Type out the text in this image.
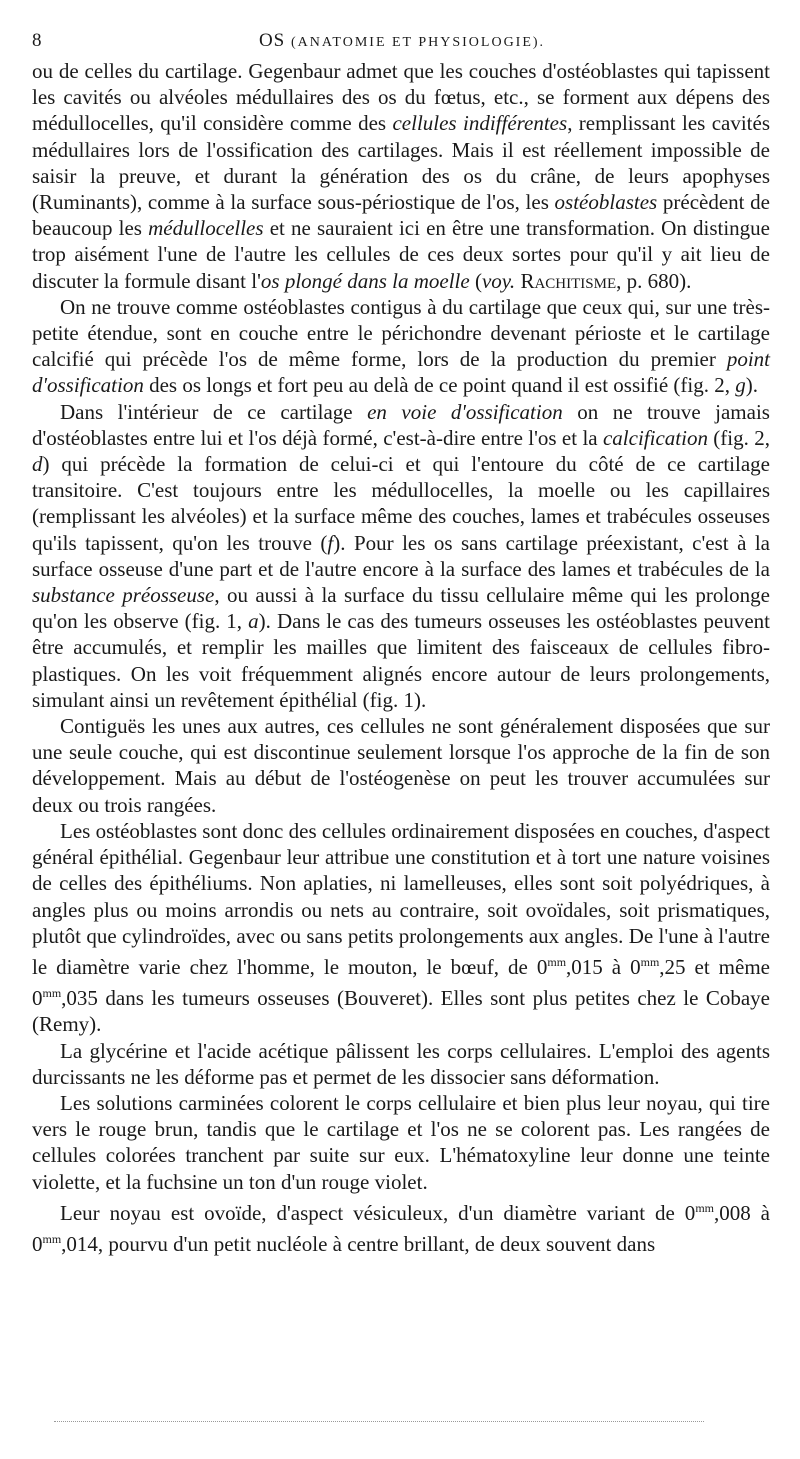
8	OS (ANATOMIE ET PHYSIOLOGIE).

ou de celles du cartilage. Gegenbaur admet que les couches d'ostéoblastes qui tapissent les cavités ou alvéoles médullaires des os du fœtus, etc., se forment aux dépens des médullocelles, qu'il considère comme des cellules indifférentes, remplissant les cavités médullaires lors de l'ossification des cartilages. Mais il est réellement impossible de saisir la preuve, et durant la génération des os du crâne, de leurs apophyses (Ruminants), comme à la surface sous-périostique de l'os, les ostéoblastes précèdent de beaucoup les médullocelles et ne sauraient ici en être une transformation. On distingue trop aisément l'une de l'autre les cellules de ces deux sortes pour qu'il y ait lieu de discuter la formule disant l'os plongé dans la moelle (voy. Rachitisme, p. 680).

On ne trouve comme ostéoblastes contigus à du cartilage que ceux qui, sur une très-petite étendue, sont en couche entre le périchondre devenant périoste et le cartilage calcifié qui précède l'os de même forme, lors de la production du premier point d'ossification des os longs et fort peu au delà de ce point quand il est ossifié (fig. 2, g).

Dans l'intérieur de ce cartilage en voie d'ossification on ne trouve jamais d'ostéoblastes entre lui et l'os déjà formé, c'est-à-dire entre l'os et la calcification (fig. 2, d) qui précède la formation de celui-ci et qui l'entoure du côté de ce cartilage transitoire. C'est toujours entre les médullocelles, la moelle ou les capillaires (remplissant les alvéoles) et la surface même des couches, lames et trabécules osseuses qu'ils tapissent, qu'on les trouve (f). Pour les os sans cartilage préexistant, c'est à la surface osseuse d'une part et de l'autre encore à la surface des lames et trabécules de la substance préosseuse, ou aussi à la surface du tissu cellulaire même qui les prolonge qu'on les observe (fig. 1, a). Dans le cas des tumeurs osseuses les ostéoblastes peuvent être accumulés, et remplir les mailles que limitent des faisceaux de cellules fibro-plastiques. On les voit fréquemment alignés encore autour de leurs prolongements, simulant ainsi un revêtement épithélial (fig. 1).

Contiguës les unes aux autres, ces cellules ne sont généralement disposées que sur une seule couche, qui est discontinue seulement lorsque l'os approche de la fin de son développement. Mais au début de l'ostéogenèse on peut les trouver accumulées sur deux ou trois rangées.

Les ostéoblastes sont donc des cellules ordinairement disposées en couches, d'aspect général épithélial. Gegenbaur leur attribue une constitution et à tort une nature voisines de celles des épithéliums. Non aplaties, ni lamelleuses, elles sont soit polyédriques, à angles plus ou moins arrondis ou nets au contraire, soit ovoïdales, soit prismatiques, plutôt que cylindroïdes, avec ou sans petits prolongements aux angles. De l'une à l'autre le diamètre varie chez l'homme, le mouton, le bœuf, de $0^{mm},015$ à $0^{mm},25$ et même $0^{mm},035$ dans les tumeurs osseuses (Bouveret). Elles sont plus petites chez le Cobaye (Remy).

La glycérine et l'acide acétique pâlissent les corps cellulaires. L'emploi des agents durcissants ne les déforme pas et permet de les dissocier sans déformation.

Les solutions carminées colorent le corps cellulaire et bien plus leur noyau, qui tire vers le rouge brun, tandis que le cartilage et l'os ne se colorent pas. Les rangées de cellules colorées tranchent par suite sur eux. L'hématoxyline leur donne une teinte violette, et la fuchsine un ton d'un rouge violet.

Leur noyau est ovoïde, d'aspect vésiculeux, d'un diamètre variant de $0^{mm},008$ à $0^{mm},014$, pourvu d'un petit nucléole à centre brillant, de deux souvent dans
